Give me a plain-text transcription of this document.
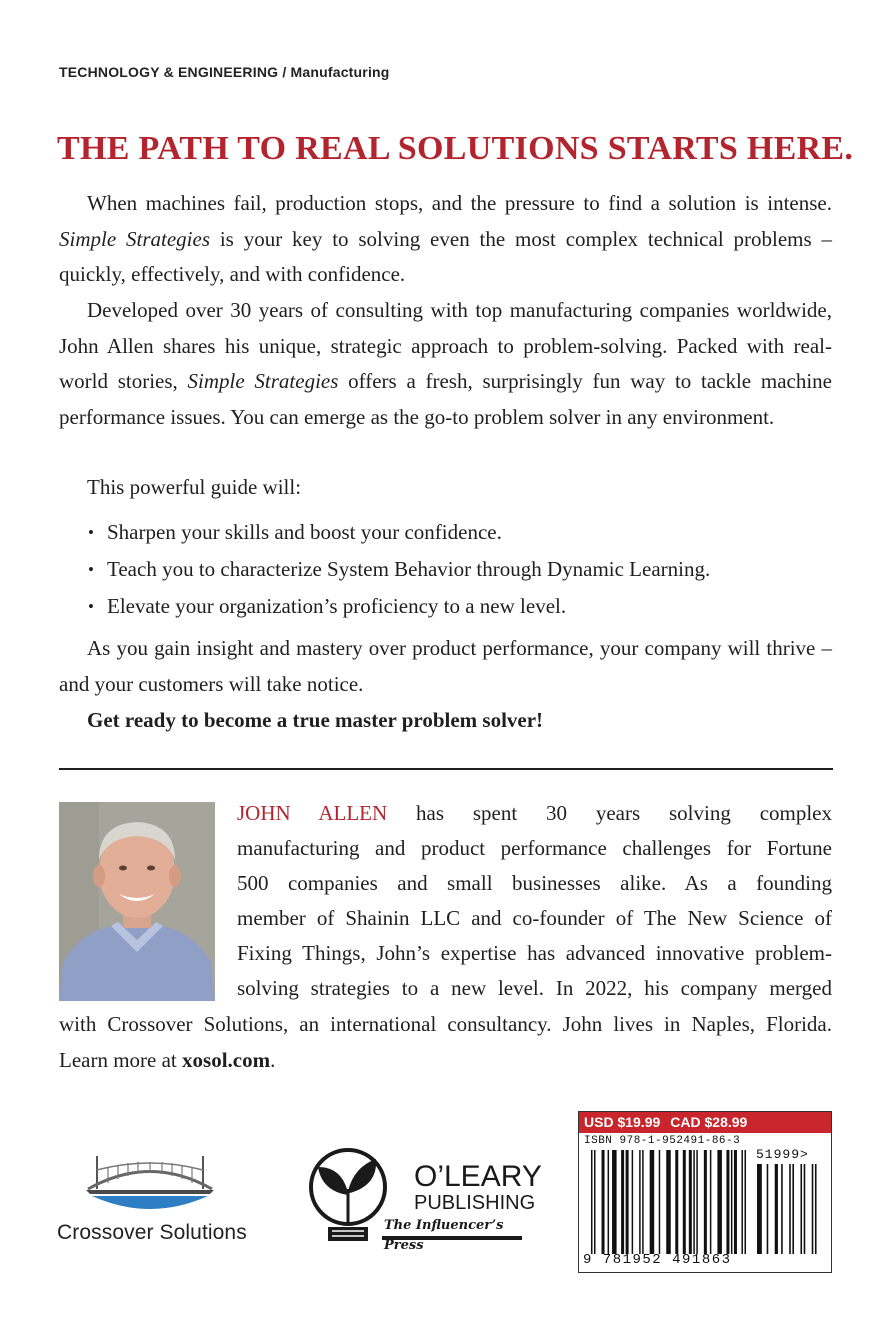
TECHNOLOGY & ENGINEERING / Manufacturing
THE PATH TO REAL SOLUTIONS STARTS HERE.
When machines fail, production stops, and the pressure to find a solution is intense.
Simple Strategies is your key to solving even the most complex technical problems –
quickly, effectively, and with confidence.
Developed over 30 years of consulting with top manufacturing companies worldwide, John Allen shares his unique, strategic approach to problem-solving. Packed with real-world stories, Simple Strategies offers a fresh, surprisingly fun way to tackle machine performance issues. You can emerge as the go-to problem solver in any environment.
This powerful guide will:
• Sharpen your skills and boost your confidence.
• Teach you to characterize System Behavior through Dynamic Learning.
• Elevate your organization’s proficiency to a new level.
As you gain insight and mastery over product performance, your company will thrive – and your customers will take notice.
Get ready to become a true master problem solver!
JOHN ALLEN has spent 30 years solving complex
manufacturing and product performance challenges for Fortune
500 companies and small businesses alike. As a founding
member of Shainin LLC and co-founder of The New Science of
Fixing Things, John’s expertise has advanced innovative problem-
solving strategies to a new level. In 2022, his company merged
with Crossover Solutions, an international consultancy. John lives in Naples, Florida.
Learn more at xosol.com.
Crossover Solutions
O’LEARY
PUBLISHING
The Influencer’s Press
USD $19.99 CAD $28.99
ISBN 978-1-952491-86-3
51999>
9 781952 491863
